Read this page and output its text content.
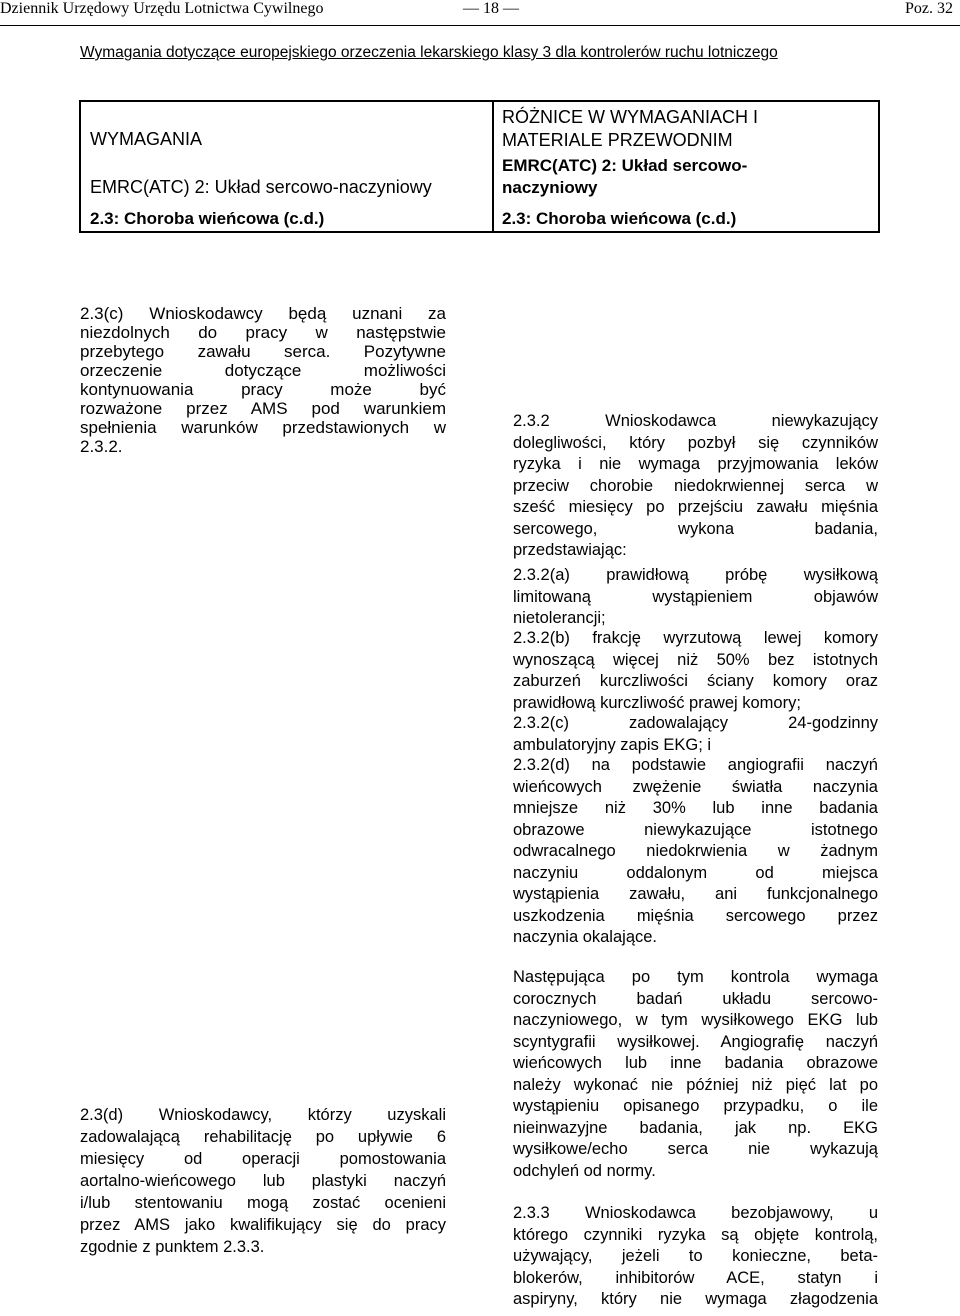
Dziennik Urzędowy Urzędu Lotnictwa Cywilnego	— 18 —	Poz. 32
Wymagania dotyczące europejskiego orzeczenia lekarskiego klasy 3 dla kontrolerów ruchu lotniczego
WYMAGANIA
EMRC(ATC) 2: Układ sercowo-naczyniowy
2.3: Choroba wieńcowa (c.d.)
RÓŻNICE W WYMAGANIACH I
MATERIALE PRZEWODNIM
EMRC(ATC) 2: Układ sercowo-
naczyniowy
2.3: Choroba wieńcowa (c.d.)
2.3(c) Wnioskodawcy będą uznani za
niezdolnych do pracy w następstwie
przebytego zawału serca. Pozytywne
orzeczenie dotyczące możliwości
kontynuowania pracy może być
rozważone przez AMS pod warunkiem
spełnienia warunków przedstawionych w
2.3.2.
2.3(d) Wnioskodawcy, którzy uzyskali
zadowalającą rehabilitację po upływie 6
miesięcy od operacji pomostowania
aortalno-wieńcowego lub plastyki naczyń
i/lub stentowaniu mogą zostać ocenieni
przez AMS jako kwalifikujący się do pracy
zgodnie z punktem 2.3.3.
2.3.2 Wnioskodawca niewykazujący
dolegliwości, który pozbył się czynników
ryzyka i nie wymaga przyjmowania leków
przeciw chorobie niedokrwiennej serca w
sześć miesięcy po przejściu zawału mięśnia
sercowego, wykona badania,
przedstawiając:
2.3.2(a) prawidłową próbę wysiłkową
limitowaną wystąpieniem objawów
nietolerancji;
2.3.2(b) frakcję wyrzutową lewej komory
wynoszącą więcej niż 50% bez istotnych
zaburzeń kurczliwości ściany komory oraz
prawidłową kurczliwość prawej komory;
2.3.2(c) zadowalający 24-godzinny
ambulatoryjny zapis EKG; i
2.3.2(d) na podstawie angiografii naczyń
wieńcowych zwężenie światła naczynia
mniejsze niż 30% lub inne badania
obrazowe niewykazujące istotnego
odwracalnego niedokrwienia w żadnym
naczyniu oddalonym od miejsca
wystąpienia zawału, ani funkcjonalnego
uszkodzenia mięśnia sercowego przez
naczynia okalające.
Następująca po tym kontrola wymaga
corocznych badań układu sercowo-
naczyniowego, w tym wysiłkowego EKG lub
scyntygrafii wysiłkowej. Angiografię naczyń
wieńcowych lub inne badania obrazowe
należy wykonać nie później niż pięć lat po
wystąpieniu opisanego przypadku, o ile
nieinwazyjne badania, jak np. EKG
wysiłkowe/echo serca nie wykazują
odchyleń od normy.
2.3.3 Wnioskodawca bezobjawowy, u
którego czynniki ryzyka są objęte kontrolą,
używający, jeżeli to konieczne, beta-
blokerów, inhibitorów ACE, statyn i
aspiryny, który nie wymaga złagodzenia
